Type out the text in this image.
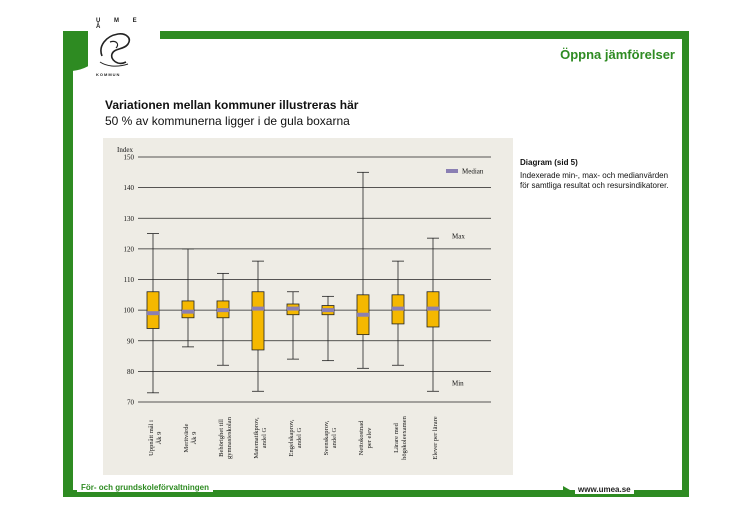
U M E Å
KOMMUN
Öppna jämförelser
Variationen mellan kommuner illustreras här
50 % av kommunerna ligger i de gula boxarna
Index
70
80
90
100
110
120
130
140
150
Uppnått mål i Åk 9	Meritvärde Åk 9	Behörighet till gymnasieskolan	Matematikprov, andel G	Engelskaprov, andel G	Svenskaprov, andel G	Nettokostnad per elev	Lärare med högskoleexamen	Elever per lärare
Median
Max
Min
Diagram (sid 5)
Indexerade min-, max- och medianvärden för samtliga resultat och resursindikatorer.
För- och grundskoleförvaltningen	www.umea.se
